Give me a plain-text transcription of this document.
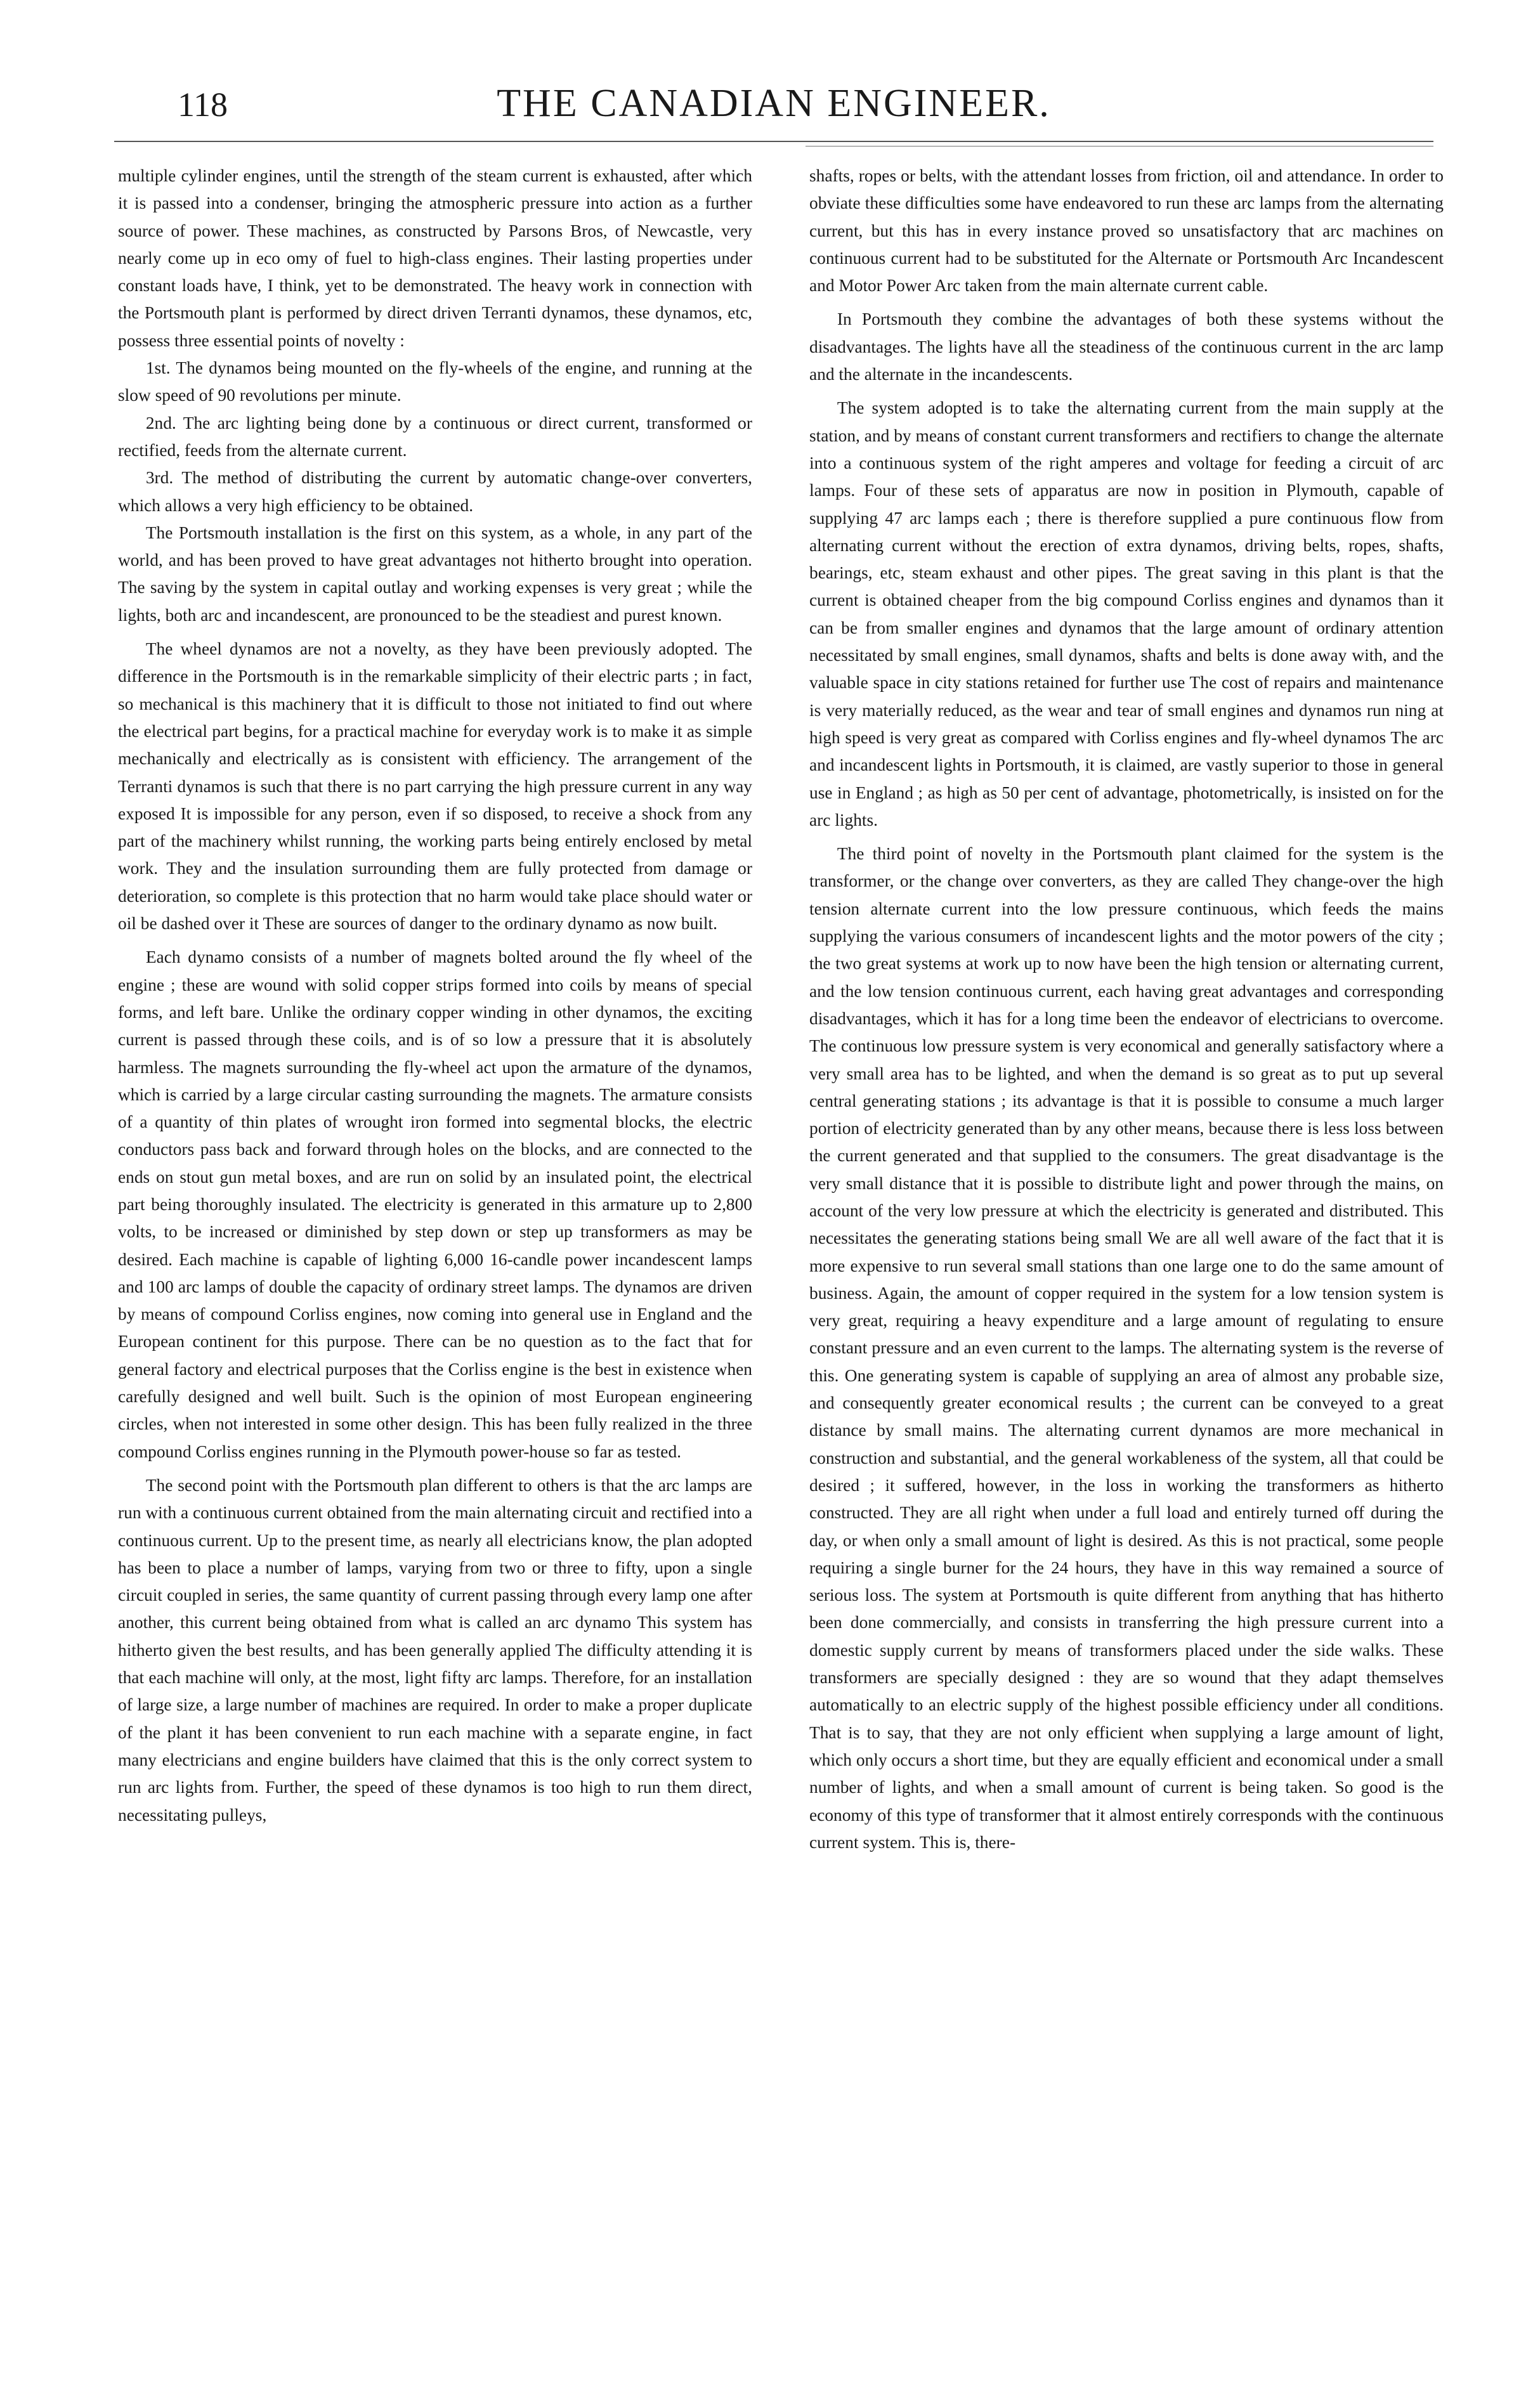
118	THE CANADIAN ENGINEER.

multiple cylinder engines, until the strength of the steam current is exhausted, after which it is passed into a condenser, bringing the atmospheric pressure into action as a further source of power. These machines, as constructed by Parsons Bros, of Newcastle, very nearly come up in eco omy of fuel to high-class engines. Their lasting properties under constant loads have, I think, yet to be demonstrated. The heavy work in connection with the Portsmouth plant is performed by direct driven Terranti dynamos, these dynamos, etc, possess three essential points of novelty :

1st. The dynamos being mounted on the fly-wheels of the engine, and running at the slow speed of 90 revolutions per minute.

2nd. The arc lighting being done by a continuous or direct current, transformed or rectified, feeds from the alternate current.

3rd. The method of distributing the current by automatic change-over converters, which allows a very high efficiency to be obtained.

The Portsmouth installation is the first on this system, as a whole, in any part of the world, and has been proved to have great advantages not hitherto brought into operation. The saving by the system in capital outlay and working expenses is very great ; while the lights, both arc and incandescent, are pronounced to be the steadiest and purest known.

The wheel dynamos are not a novelty, as they have been previously adopted. The difference in the Portsmouth is in the remarkable simplicity of their electric parts ; in fact, so mechanical is this machinery that it is difficult to those not initiated to find out where the electrical part begins, for a practical machine for everyday work is to make it as simple mechanically and electrically as is consistent with efficiency. The arrangement of the Terranti dynamos is such that there is no part carrying the high pressure current in any way exposed It is impossible for any person, even if so disposed, to receive a shock from any part of the machinery whilst running, the working parts being entirely enclosed by metal work. They and the insulation surrounding them are fully protected from damage or deterioration, so complete is this protection that no harm would take place should water or oil be dashed over it These are sources of danger to the ordinary dynamo as now built.

Each dynamo consists of a number of magnets bolted around the fly wheel of the engine ; these are wound with solid copper strips formed into coils by means of special forms, and left bare. Unlike the ordinary copper winding in other dynamos, the exciting current is passed through these coils, and is of so low a pressure that it is absolutely harmless. The magnets surrounding the fly-wheel act upon the armature of the dynamos, which is carried by a large circular casting surrounding the magnets. The armature consists of a quantity of thin plates of wrought iron formed into segmental blocks, the electric conductors pass back and forward through holes on the blocks, and are connected to the ends on stout gun metal boxes, and are run on solid by an insulated point, the electrical part being thoroughly insulated. The electricity is generated in this armature up to 2,800 volts, to be increased or diminished by step down or step up transformers as may be desired. Each machine is capable of lighting 6,000 16-candle power incandescent lamps and 100 arc lamps of double the capacity of ordinary street lamps. The dynamos are driven by means of compound Corliss engines, now coming into general use in England and the European continent for this purpose. There can be no question as to the fact that for general factory and electrical purposes that the Corliss engine is the best in existence when carefully designed and well built. Such is the opinion of most European engineering circles, when not interested in some other design. This has been fully realized in the three compound Corliss engines running in the Plymouth power-house so far as tested.

The second point with the Portsmouth plan different to others is that the arc lamps are run with a continuous current obtained from the main alternating circuit and rectified into a continuous current. Up to the present time, as nearly all electricians know, the plan adopted has been to place a number of lamps, varying from two or three to fifty, upon a single circuit coupled in series, the same quantity of current passing through every lamp one after another, this current being obtained from what is called an arc dynamo This system has hitherto given the best results, and has been generally applied The difficulty attending it is that each machine will only, at the most, light fifty arc lamps. Therefore, for an installation of large size, a large number of machines are required. In order to make a proper duplicate of the plant it has been convenient to run each machine with a separate engine, in fact many electricians and engine builders have claimed that this is the only correct system to run arc lights from. Further, the speed of these dynamos is too high to run them direct, necessitating pulleys,

shafts, ropes or belts, with the attendant losses from friction, oil and attendance. In order to obviate these difficulties some have endeavored to run these arc lamps from the alternating current, but this has in every instance proved so unsatisfactory that arc machines on continuous current had to be substituted for the Alternate or Portsmouth Arc Incandescent and Motor Power Arc taken from the main alternate current cable.

In Portsmouth they combine the advantages of both these systems without the disadvantages. The lights have all the steadiness of the continuous current in the arc lamp and the alternate in the incandescents.

The system adopted is to take the alternating current from the main supply at the station, and by means of constant current transformers and rectifiers to change the alternate into a continuous system of the right amperes and voltage for feeding a circuit of arc lamps. Four of these sets of apparatus are now in position in Plymouth, capable of supplying 47 arc lamps each ; there is therefore supplied a pure continuous flow from alternating current without the erection of extra dynamos, driving belts, ropes, shafts, bearings, etc, steam exhaust and other pipes. The great saving in this plant is that the current is obtained cheaper from the big compound Corliss engines and dynamos than it can be from smaller engines and dynamos that the large amount of ordinary attention necessitated by small engines, small dynamos, shafts and belts is done away with, and the valuable space in city stations retained for further use The cost of repairs and maintenance is very materially reduced, as the wear and tear of small engines and dynamos run ning at high speed is very great as compared with Corliss engines and fly-wheel dynamos The arc and incandescent lights in Portsmouth, it is claimed, are vastly superior to those in general use in England ; as high as 50 per cent of advantage, photometrically, is insisted on for the arc lights.

The third point of novelty in the Portsmouth plant claimed for the system is the transformer, or the change over converters, as they are called They change-over the high tension alternate current into the low pressure continuous, which feeds the mains supplying the various consumers of incandescent lights and the motor powers of the city ; the two great systems at work up to now have been the high tension or alternating current, and the low tension continuous current, each having great advantages and corresponding disadvantages, which it has for a long time been the endeavor of electricians to overcome. The continuous low pressure system is very economical and generally satisfactory where a very small area has to be lighted, and when the demand is so great as to put up several central generating stations ; its advantage is that it is possible to consume a much larger portion of electricity generated than by any other means, because there is less loss between the current generated and that supplied to the consumers. The great disadvantage is the very small distance that it is possible to distribute light and power through the mains, on account of the very low pressure at which the electricity is generated and distributed. This necessitates the generating stations being small We are all well aware of the fact that it is more expensive to run several small stations than one large one to do the same amount of business. Again, the amount of copper required in the system for a low tension system is very great, requiring a heavy expenditure and a large amount of regulating to ensure constant pressure and an even current to the lamps. The alternating system is the reverse of this. One generating system is capable of supplying an area of almost any probable size, and consequently greater economical results ; the current can be conveyed to a great distance by small mains. The alternating current dynamos are more mechanical in construction and substantial, and the general workableness of the system, all that could be desired ; it suffered, however, in the loss in working the transformers as hitherto constructed. They are all right when under a full load and entirely turned off during the day, or when only a small amount of light is desired. As this is not practical, some people requiring a single burner for the 24 hours, they have in this way remained a source of serious loss. The system at Portsmouth is quite different from anything that has hitherto been done commercially, and consists in transferring the high pressure current into a domestic supply current by means of transformers placed under the side walks. These transformers are specially designed : they are so wound that they adapt themselves automatically to an electric supply of the highest possible efficiency under all conditions. That is to say, that they are not only efficient when supplying a large amount of light, which only occurs a short time, but they are equally efficient and economical under a small number of lights, and when a small amount of current is being taken. So good is the economy of this type of transformer that it almost entirely corresponds with the continuous current system. This is, there-
